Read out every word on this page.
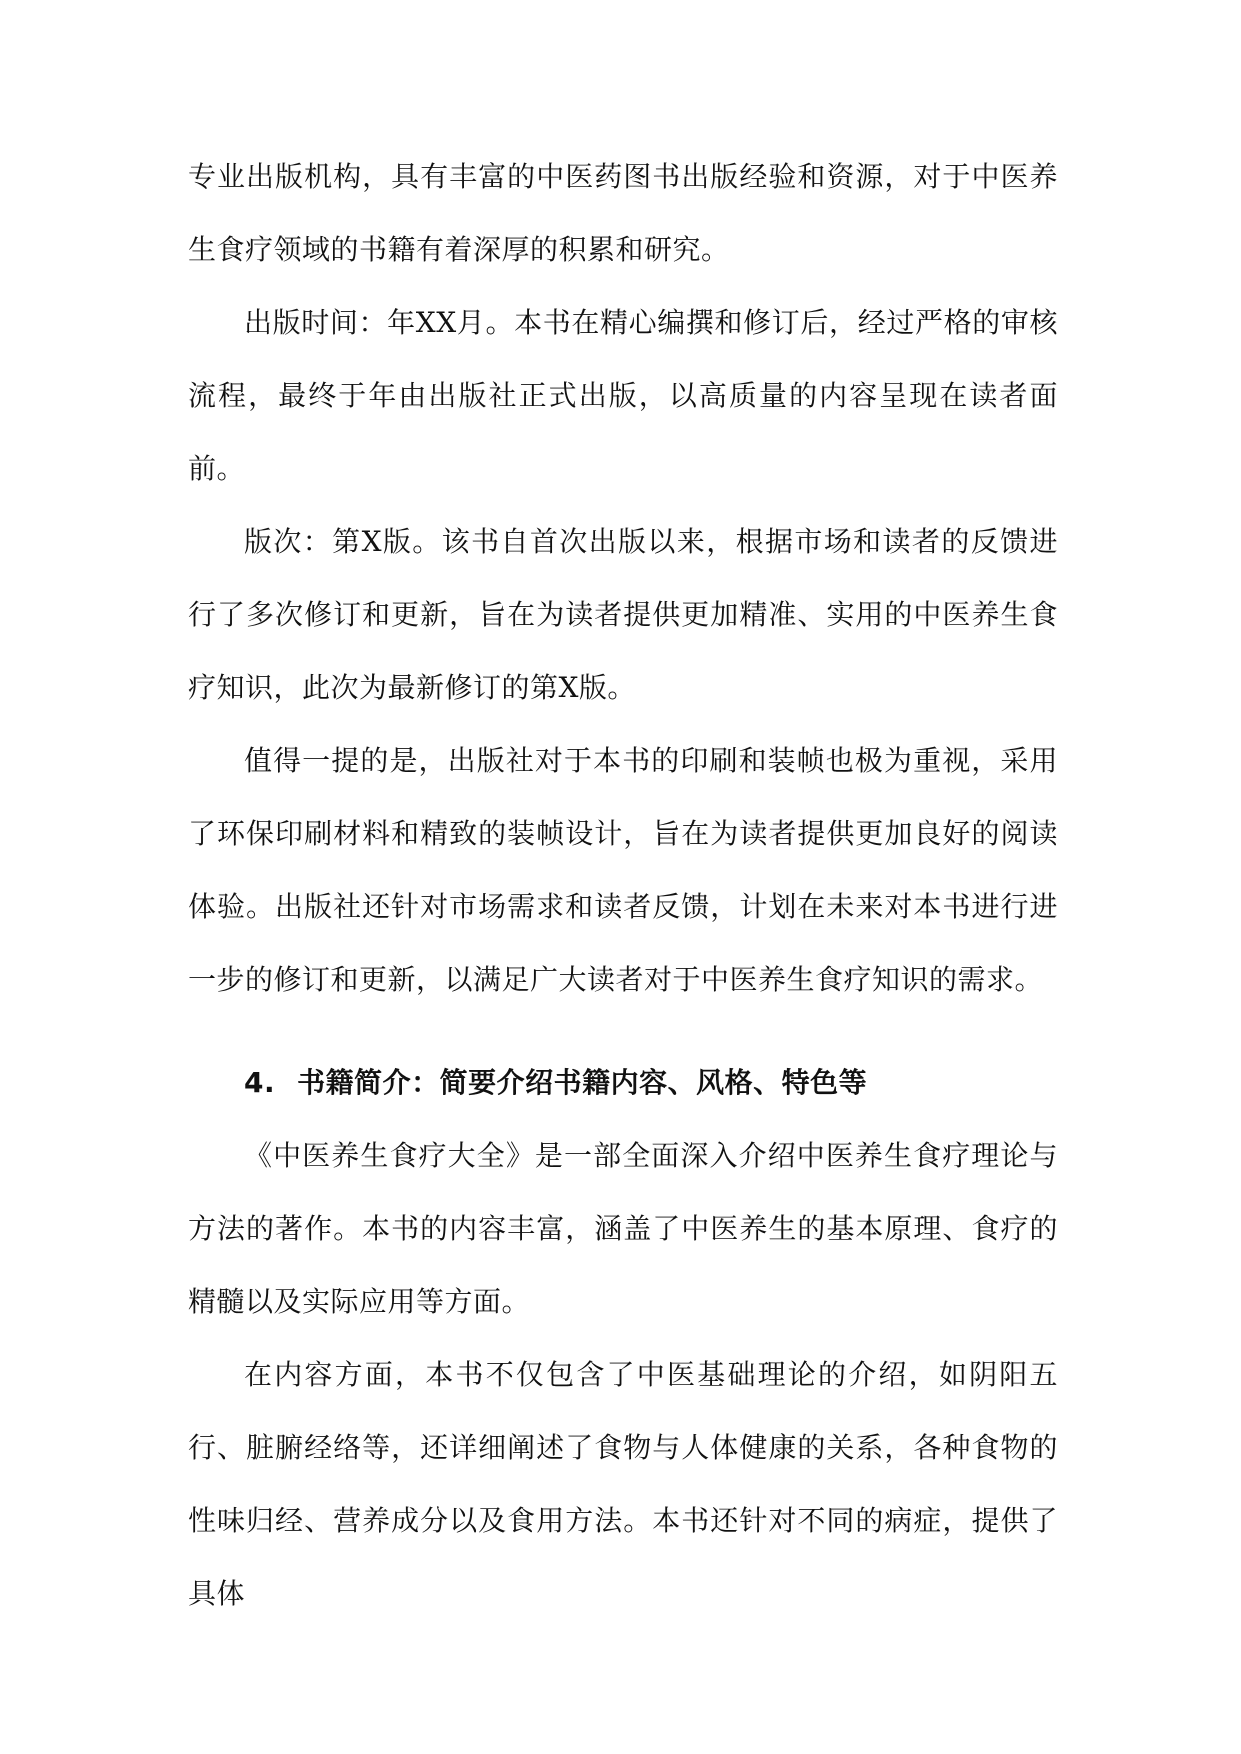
专业出版机构，具有丰富的中医药图书出版经验和资源，对于中医养生食疗领域的书籍有着深厚的积累和研究。

出版时间：年XX月。本书在精心编撰和修订后，经过严格的审核流程，最终于年由出版社正式出版，以高质量的内容呈现在读者面前。

版次：第X版。该书自首次出版以来，根据市场和读者的反馈进行了多次修订和更新，旨在为读者提供更加精准、实用的中医养生食疗知识，此次为最新修订的第X版。

值得一提的是，出版社对于本书的印刷和装帧也极为重视，采用了环保印刷材料和精致的装帧设计，旨在为读者提供更加良好的阅读体验。出版社还针对市场需求和读者反馈，计划在未来对本书进行进一步的修订和更新，以满足广大读者对于中医养生食疗知识的需求。

4. 书籍简介：简要介绍书籍内容、风格、特色等

《中医养生食疗大全》是一部全面深入介绍中医养生食疗理论与方法的著作。本书的内容丰富，涵盖了中医养生的基本原理、食疗的精髓以及实际应用等方面。

在内容方面，本书不仅包含了中医基础理论的介绍，如阴阳五行、脏腑经络等，还详细阐述了食物与人体健康的关系，各种食物的性味归经、营养成分以及食用方法。本书还针对不同的病症，提供了具体
